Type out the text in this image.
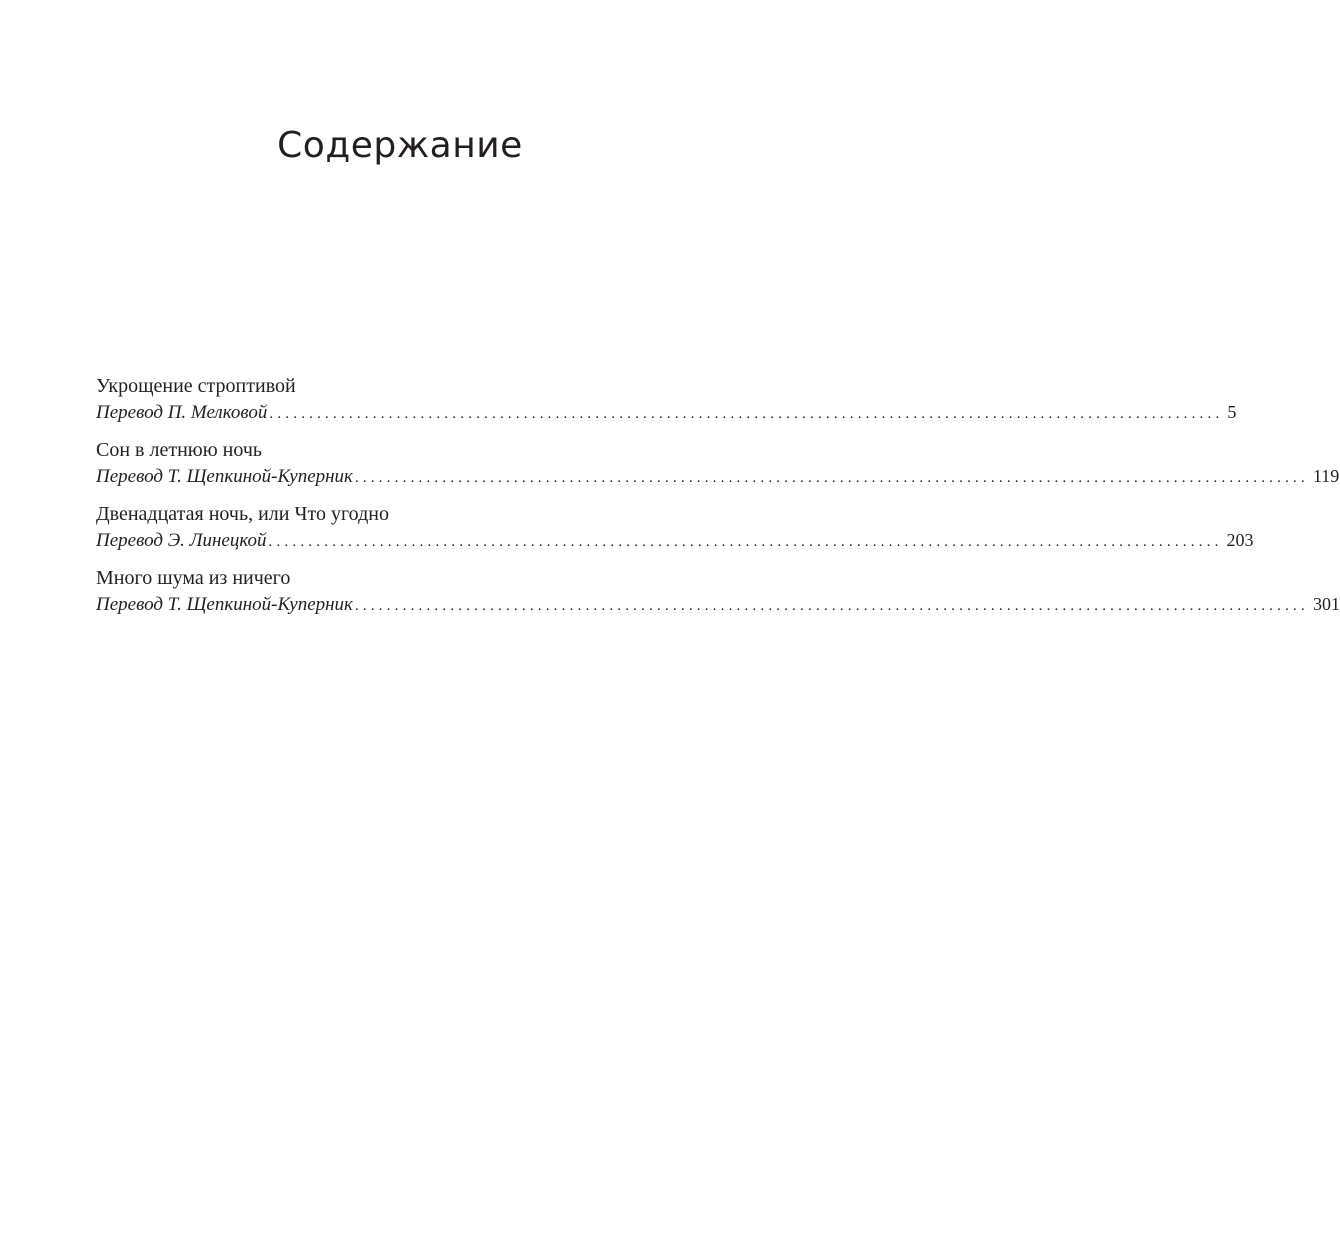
Содержание
Укрощение строптивой
Перевод П. Мелковой ........................................................................................................................ 5
Сон в летнюю ночь
Перевод Т. Щепкиной-Куперник ........................................................................................................................ 119
Двенадцатая ночь, или Что угодно
Перевод Э. Линецкой ........................................................................................................................ 203
Много шума из ничего
Перевод Т. Щепкиной-Куперник ........................................................................................................................ 301
